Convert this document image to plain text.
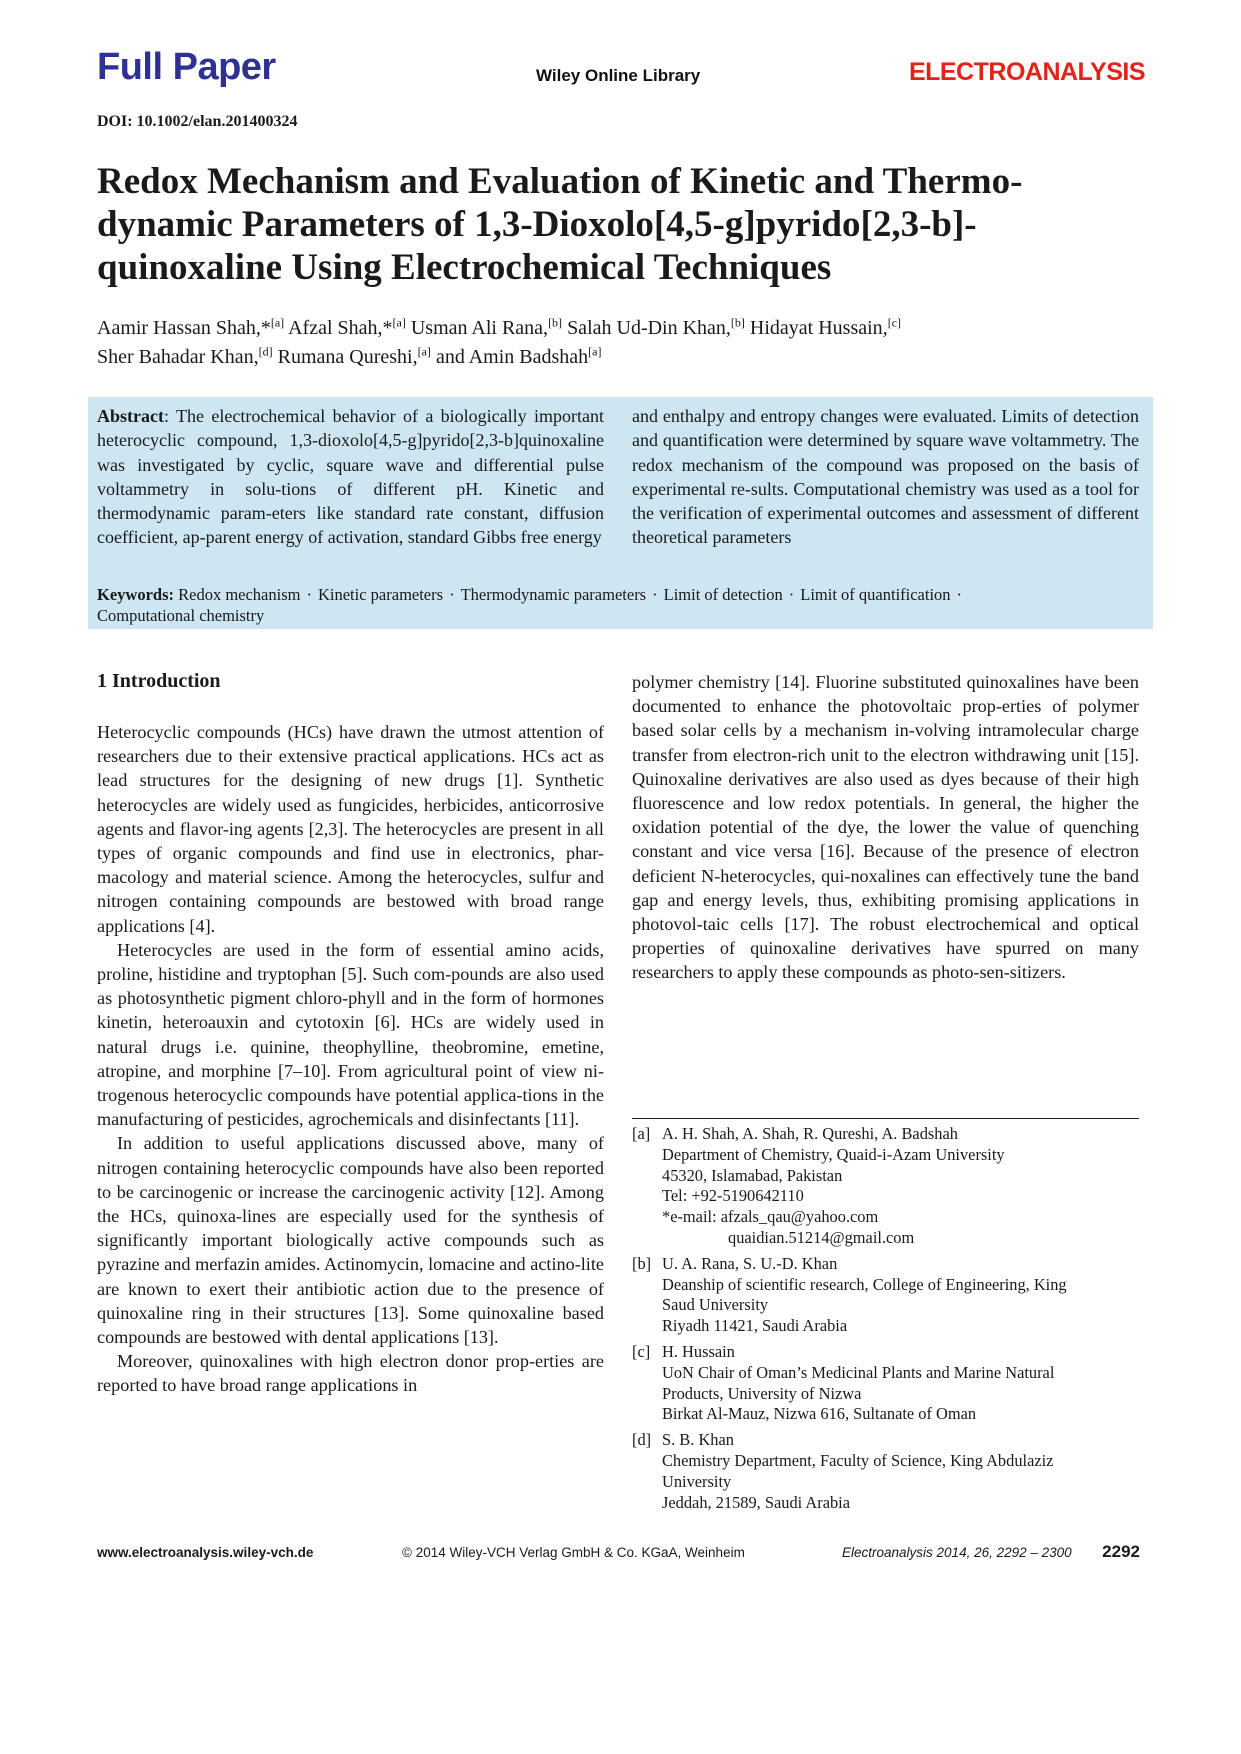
Full Paper	Wiley Online Library	ELECTROANALYSIS
DOI: 10.1002/elan.201400324
Redox Mechanism and Evaluation of Kinetic and Thermo-
dynamic Parameters of 1,3-Dioxolo[4,5-g]pyrido[2,3-b]-
quinoxaline Using Electrochemical Techniques
Aamir Hassan Shah,*[a] Afzal Shah,*[a] Usman Ali Rana,[b] Salah Ud-Din Khan,[b] Hidayat Hussain,[c]
Sher Bahadar Khan,[d] Rumana Qureshi,[a] and Amin Badshah[a]
Abstract: The electrochemical behavior of a biologically important heterocyclic compound, 1,3-dioxolo[4,5-g]pyrido[2,3-b]quinoxaline was investigated by cyclic, square wave and differential pulse voltammetry in solu-tions of different pH. Kinetic and thermodynamic param-eters like standard rate constant, diffusion coefficient, ap-parent energy of activation, standard Gibbs free energy
and enthalpy and entropy changes were evaluated. Limits of detection and quantification were determined by square wave voltammetry. The redox mechanism of the compound was proposed on the basis of experimental re-sults. Computational chemistry was used as a tool for the verification of experimental outcomes and assessment of different theoretical parameters
Keywords: Redox mechanism · Kinetic parameters · Thermodynamic parameters · Limit of detection · Limit of quantification ·
Computational chemistry
1 Introduction

Heterocyclic compounds (HCs) have drawn the utmost attention of researchers due to their extensive practical applications. HCs act as lead structures for the designing of new drugs [1]. Synthetic heterocycles are widely used as fungicides, herbicides, anticorrosive agents and flavor-ing agents [2,3]. The heterocycles are present in all types of organic compounds and find use in electronics, phar-macology and material science. Among the heterocycles, sulfur and nitrogen containing compounds are bestowed with broad range applications [4].

Heterocycles are used in the form of essential amino acids, proline, histidine and tryptophan [5]. Such com-pounds are also used as photosynthetic pigment chloro-phyll and in the form of hormones kinetin, heteroauxin and cytotoxin [6]. HCs are widely used in natural drugs i.e. quinine, theophylline, theobromine, emetine, atropine, and morphine [7–10]. From agricultural point of view ni-trogenous heterocyclic compounds have potential applica-tions in the manufacturing of pesticides, agrochemicals and disinfectants [11].

In addition to useful applications discussed above, many of nitrogen containing heterocyclic compounds have also been reported to be carcinogenic or increase the carcinogenic activity [12]. Among the HCs, quinoxa-lines are especially used for the synthesis of significantly important biologically active compounds such as pyrazine and merfazin amides. Actinomycin, lomacine and actino-lite are known to exert their antibiotic action due to the presence of quinoxaline ring in their structures [13]. Some quinoxaline based compounds are bestowed with dental applications [13].

Moreover, quinoxalines with high electron donor prop-erties are reported to have broad range applications in

polymer chemistry [14]. Fluorine substituted quinoxalines have been documented to enhance the photovoltaic prop-erties of polymer based solar cells by a mechanism in-volving intramolecular charge transfer from electron-rich unit to the electron withdrawing unit [15]. Quinoxaline derivatives are also used as dyes because of their high fluorescence and low redox potentials. In general, the higher the oxidation potential of the dye, the lower the value of quenching constant and vice versa [16]. Because of the presence of electron deficient N-heterocycles, qui-noxalines can effectively tune the band gap and energy levels, thus, exhibiting promising applications in photovol-taic cells [17]. The robust electrochemical and optical properties of quinoxaline derivatives have spurred on many researchers to apply these compounds as photo-sen-sitizers.

[a] A. H. Shah, A. Shah, R. Qureshi, A. Badshah
Department of Chemistry, Quaid-i-Azam University
45320, Islamabad, Pakistan
Tel: +92-5190642110
*e-mail: afzals_qau@yahoo.com
quaidian.51214@gmail.com
[b] U. A. Rana, S. U.-D. Khan
Deanship of scientific research, College of Engineering, King
Saud University
Riyadh 11421, Saudi Arabia
[c] H. Hussain
UoN Chair of Oman’s Medicinal Plants and Marine Natural
Products, University of Nizwa
Birkat Al-Mauz, Nizwa 616, Sultanate of Oman
[d] S. B. Khan
Chemistry Department, Faculty of Science, King Abdulaziz
University
Jeddah, 21589, Saudi Arabia
www.electroanalysis.wiley-vch.de	© 2014 Wiley-VCH Verlag GmbH & Co. KGaA, Weinheim	Electroanalysis 2014, 26, 2292 – 2300 2292
